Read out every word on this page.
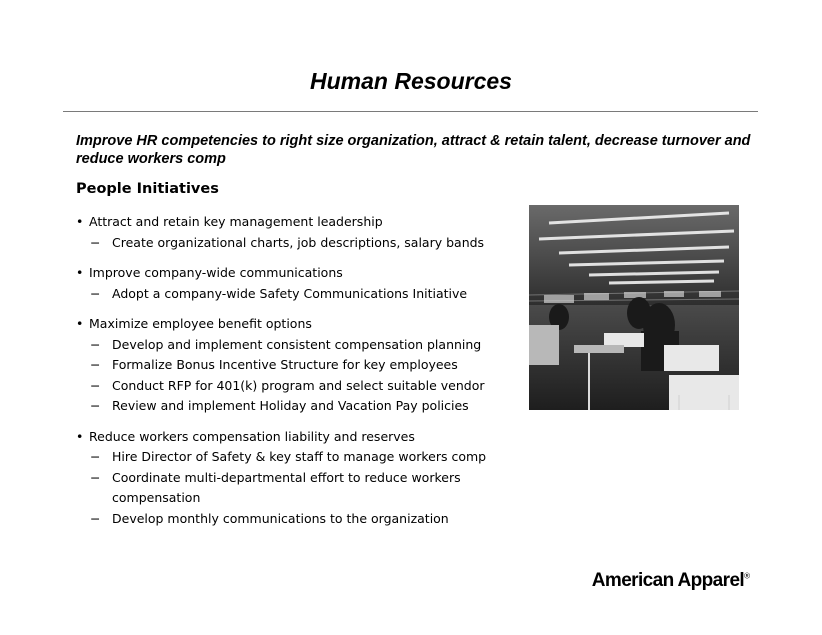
Human Resources
Improve HR competencies to right size organization, attract & retain talent, decrease turnover and reduce workers comp
People Initiatives
• Attract and retain key management leadership
− Create organizational charts, job descriptions, salary bands
• Improve company-wide communications
− Adopt a company-wide Safety Communications Initiative
• Maximize employee benefit options
− Develop and implement consistent compensation planning
− Formalize Bonus Incentive Structure for key employees
− Conduct RFP for 401(k) program and select suitable vendor
− Review and implement Holiday and Vacation Pay policies
• Reduce workers compensation liability and reserves
− Hire Director of Safety & key staff to manage workers comp
− Coordinate multi-departmental effort to reduce workers compensation
− Develop monthly communications to the organization
American Apparel®
